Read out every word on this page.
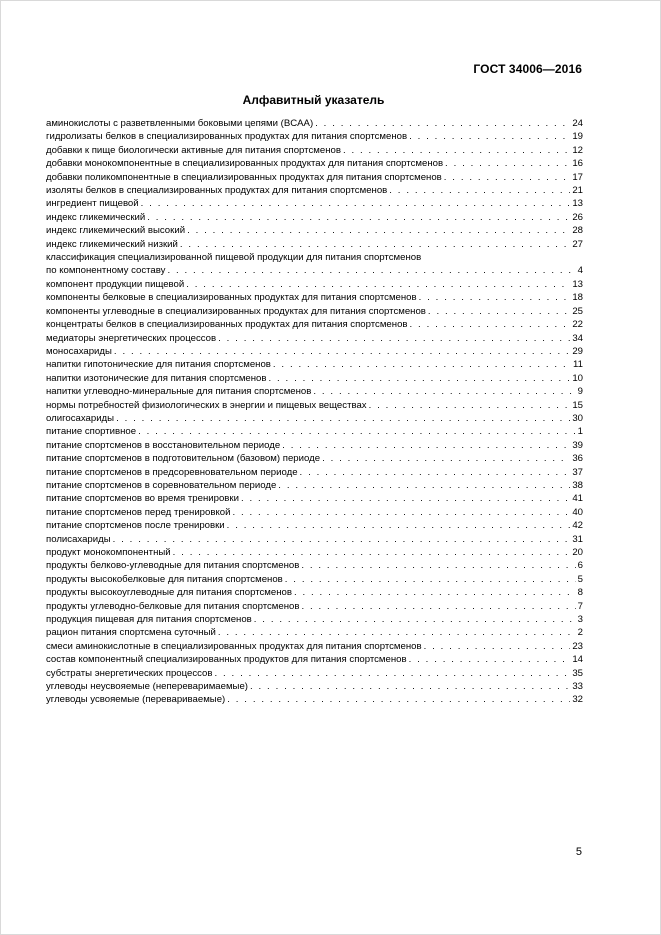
ГОСТ 34006—2016
Алфавитный указатель
аминокислоты с разветвленными боковыми цепями (BCAA) . . .	24
гидролизаты белков в специализированных продуктах для питания спортсменов . . .	19
добавки к пище биологически активные для питания спортсменов . . .	12
добавки монокомпонентные в специализированных продуктах для питания спортсменов . . .	16
добавки поликомпонентные в специализированных продуктах для питания спортсменов . . .	17
изоляты белков в специализированных продуктах для питания спортсменов . . .	21
ингредиент пищевой . . .	13
индекс гликемический . . .	26
индекс гликемический высокий . . .	28
индекс гликемический низкий . . .	27
классификация специализированной пищевой продукции для питания спортсменов
по компонентному составу . . .	4
компонент продукции пищевой . . .	13
компоненты белковые в специализированных продуктах для питания спортсменов . . .	18
компоненты углеводные в специализированных продуктах для питания спортсменов . . .	25
концентраты белков в специализированных продуктах для питания спортсменов . . .	22
медиаторы энергетических процессов . . .	34
моносахариды . . .	29
напитки гипотонические для питания спортсменов . . .	11
напитки изотонические для питания спортсменов . . .	10
напитки углеводно-минеральные для питания спортсменов . . .	9
нормы потребностей физиологических в энергии и пищевых веществах . . .	15
олигосахариды . . .	30
питание спортивное . . .	1
питание спортсменов в восстановительном периоде . . .	39
питание спортсменов в подготовительном (базовом) периоде . . .	36
питание спортсменов в предсоревновательном периоде . . .	37
питание спортсменов в соревновательном периоде . . .	38
питание спортсменов во время тренировки . . .	41
питание спортсменов перед тренировкой . . .	40
питание спортсменов после тренировки . . .	42
полисахариды . . .	31
продукт монокомпонентный . . .	20
продукты белково-углеводные для питания спортсменов . . .	6
продукты высокобелковые для питания спортсменов . . .	5
продукты высокоуглеводные для питания спортсменов . . .	8
продукты углеводно-белковые для питания спортсменов . . .	7
продукция пищевая для питания спортсменов . . .	3
рацион питания спортсмена суточный . . .	2
смеси аминокислотные в специализированных продуктах для питания спортсменов . . .	23
состав компонентный специализированных продуктов для питания спортсменов . . .	14
субстраты энергетических процессов . . .	35
углеводы неусвояемые (непереваримаемые) . . .	33
углеводы усвояемые (перевариваемые) . . .	32
5
